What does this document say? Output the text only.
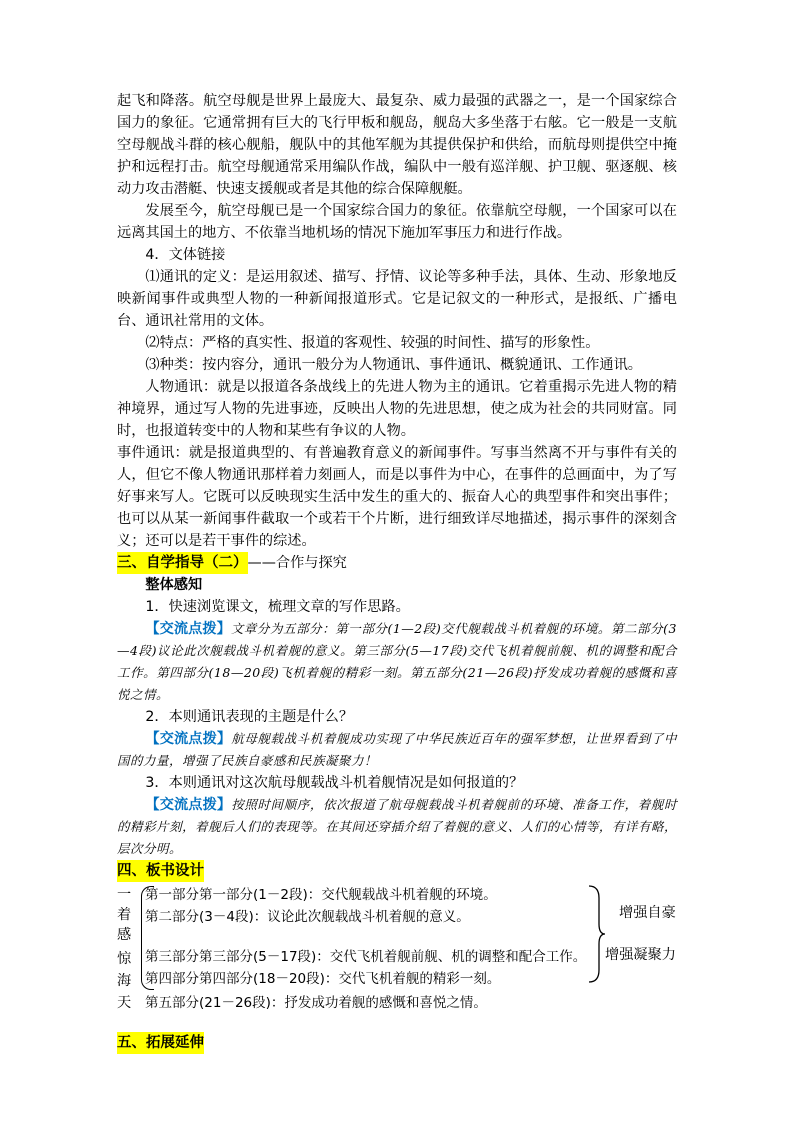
起飞和降落。航空母舰是世界上最庞大、最复杂、威力最强的武器之一，是一个国家综合国力的象征。它通常拥有巨大的飞行甲板和舰岛，舰岛大多坐落于右舷。它一般是一支航空母舰战斗群的核心舰船，舰队中的其他军舰为其提供保护和供给，而航母则提供空中掩护和远程打击。航空母舰通常采用编队作战，编队中一般有巡洋舰、护卫舰、驱逐舰、核动力攻击潜艇、快速支援舰或者是其他的综合保障舰艇。

发展至今，航空母舰已是一个国家综合国力的象征。依靠航空母舰，一个国家可以在远离其国土的地方、不依靠当地机场的情况下施加军事压力和进行作战。

4．文体链接

⑴通讯的定义：是运用叙述、描写、抒情、议论等多种手法，具体、生动、形象地反映新闻事件或典型人物的一种新闻报道形式。它是记叙文的一种形式，是报纸、广播电台、通讯社常用的文体。

⑵特点：严格的真实性、报道的客观性、较强的时间性、描写的形象性。

⑶种类：按内容分，通讯一般分为人物通讯、事件通讯、概貌通讯、工作通讯。

人物通讯：就是以报道各条战线上的先进人物为主的通讯。它着重揭示先进人物的精神境界，通过写人物的先进事迹，反映出人物的先进思想，使之成为社会的共同财富。同时，也报道转变中的人物和某些有争议的人物。

事件通讯：就是报道典型的、有普遍教育意义的新闻事件。写事当然离不开与事件有关的人，但它不像人物通讯那样着力刻画人，而是以事件为中心，在事件的总画面中，为了写好事来写人。它既可以反映现实生活中发生的重大的、振奋人心的典型事件和突出事件；也可以从某一新闻事件截取一个或若干个片断，进行细致详尽地描述，揭示事件的深刻含义；还可以是若干事件的综述。

三、自学指导（二）——合作与探究

整体感知

1．快速浏览课文，梳理文章的写作思路。

【交流点拨】文章分为五部分：第一部分(1—2段)交代舰载战斗机着舰的环境。第二部分(3—4段)议论此次舰载战斗机着舰的意义。第三部分(5—17段)交代飞机着舰前舰、机的调整和配合工作。第四部分(18—20段)飞机着舰的精彩一刻。第五部分(21—26段)抒发成功着舰的感慨和喜悦之情。

2．本则通讯表现的主题是什么？

【交流点拨】航母舰载战斗机着舰成功实现了中华民族近百年的强军梦想，让世界看到了中国的力量，增强了民族自豪感和民族凝聚力！

3．本则通讯对这次航母舰载战斗机着舰情况是如何报道的？

【交流点拨】按照时间顺序，依次报道了航母舰载战斗机着舰前的环境、准备工作，着舰时的精彩片刻，着舰后人们的表现等。在其间还穿插介绍了着舰的意义、人们的心情等，有详有略，层次分明。

四、板书设计

一
着
感
惊
海
天
第一部分第一部分(1－2段)：交代舰载战斗机着舰的环境。
第二部分(3－4段)：议论此次舰载战斗机着舰的意义。
第三部分第三部分(5－17段)：交代飞机着舰前舰、机的调整和配合工作。
第四部分第四部分(18－20段)：交代飞机着舰的精彩一刻。
第五部分(21－26段)：抒发成功着舰的感慨和喜悦之情。
增强自豪
增强凝聚力

五、拓展延伸
